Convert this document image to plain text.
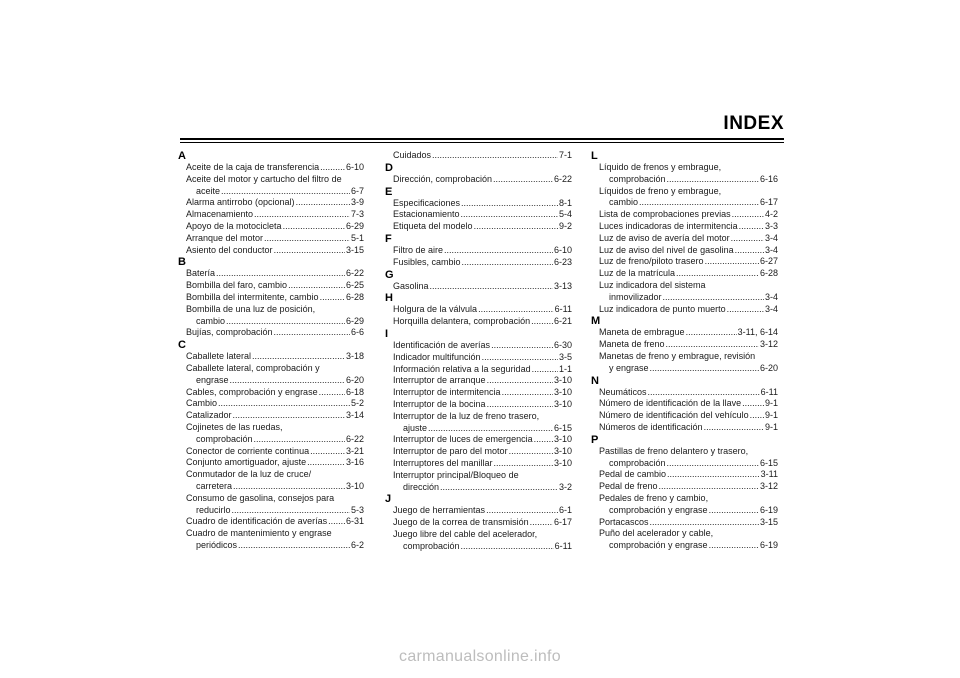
INDEX
A
Aceite de la caja de transferencia .....	6-10
Aceite del motor y cartucho del filtro de
aceite .....	6-7
Alarma antirrobo (opcional) .....	3-9
Almacenamiento .....	7-3
Apoyo de la motocicleta .....	6-29
Arranque del motor .....	5-1
Asiento del conductor .....	3-15
B
Batería .....	6-22
Bombilla del faro, cambio .....	6-25
Bombilla del intermitente, cambio .....	6-28
Bombilla de una luz de posición,
cambio .....	6-29
Bujías, comprobación .....	6-6
C
Caballete lateral .....	3-18
Caballete lateral, comprobación y
engrase .....	6-20
Cables, comprobación y engrase .....	6-18
Cambio .....	5-2
Catalizador .....	3-14
Cojinetes de las ruedas,
comprobación .....	6-22
Conector de corriente continua .....	3-21
Conjunto amortiguador, ajuste .....	3-16
Conmutador de la luz de cruce/
carretera .....	3-10
Consumo de gasolina, consejos para
reducirlo .....	5-3
Cuadro de identificación de averías ..... 6-31
Cuadro de mantenimiento y engrase
periódicos .....	6-2
Cuidados .....	7-1
D
Dirección, comprobación .....	6-22
E
Especificaciones .....	8-1
Estacionamiento .....	5-4
Etiqueta del modelo .....	9-2
F
Filtro de aire .....	6-10
Fusibles, cambio .....	6-23
G
Gasolina .....	3-13
H
Holgura de la válvula .....	6-11
Horquilla delantera, comprobación .....	6-21
I
Identificación de averías .....	6-30
Indicador multifunción .....	3-5
Información relativa a la seguridad .....	1-1
Interruptor de arranque .....	3-10
Interruptor de intermitencia .....	3-10
Interruptor de la bocina .....	3-10
Interruptor de la luz de freno trasero,
ajuste .....	6-15
Interruptor de luces de emergencia ..... 3-10
Interruptor de paro del motor .....	3-10
Interruptores del manillar .....	3-10
Interruptor principal/Bloqueo de
dirección .....	3-2
J
Juego de herramientas .....	6-1
Juego de la correa de transmisión .....	6-17
Juego libre del cable del acelerador,
comprobación .....	6-11
L
Líquido de frenos y embrague,
comprobación .....	6-16
Líquidos de freno y embrague,
cambio .....	6-17
Lista de comprobaciones previas .....	4-2
Luces indicadoras de intermitencia .....	3-3
Luz de aviso de avería del motor .....	3-4
Luz de aviso del nivel de gasolina .....	3-4
Luz de freno/piloto trasero .....	6-27
Luz de la matrícula .....	6-28
Luz indicadora del sistema
inmovilizador .....	3-4
Luz indicadora de punto muerto .....	3-4
M
Maneta de embrague .....	3-11, 6-14
Maneta de freno .....	3-12
Manetas de freno y embrague, revisión
y engrase .....	6-20
N
Neumáticos .....	6-11
Número de identificación de la llave .....	9-1
Número de identificación del vehículo ..... 9-1
Números de identificación .....	9-1
P
Pastillas de freno delantero y trasero,
comprobación .....	6-15
Pedal de cambio .....	3-11
Pedal de freno .....	3-12
Pedales de freno y cambio,
comprobación y engrase .....	6-19
Portacascos .....	3-15
Puño del acelerador y cable,
comprobación y engrase .....	6-19
carmanualsonline.info
